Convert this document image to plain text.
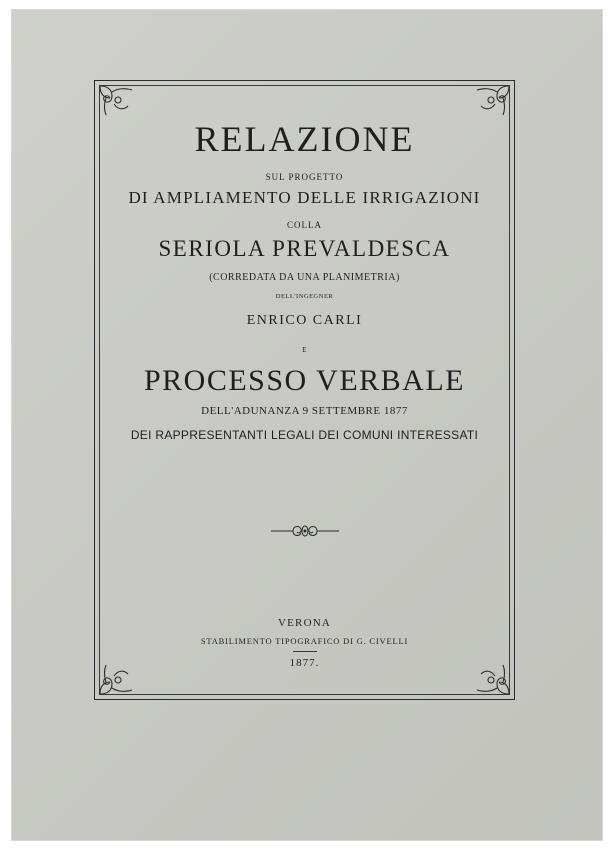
RELAZIONE
SUL PROGETTO
DI AMPLIAMENTO DELLE IRRIGAZIONI
COLLA
SERIOLA PREVALDESCA
(CORREDATA DA UNA PLANIMETRIA)
DELL'INGEGNER
ENRICO CARLI
E
PROCESSO VERBALE
DELL'ADUNANZA 9 SETTEMBRE 1877
DEI RAPPRESENTANTI LEGALI DEI COMUNI INTERESSATI
VERONA
STABILIMENTO TIPOGRAFICO DI G. CIVELLI
1877.
